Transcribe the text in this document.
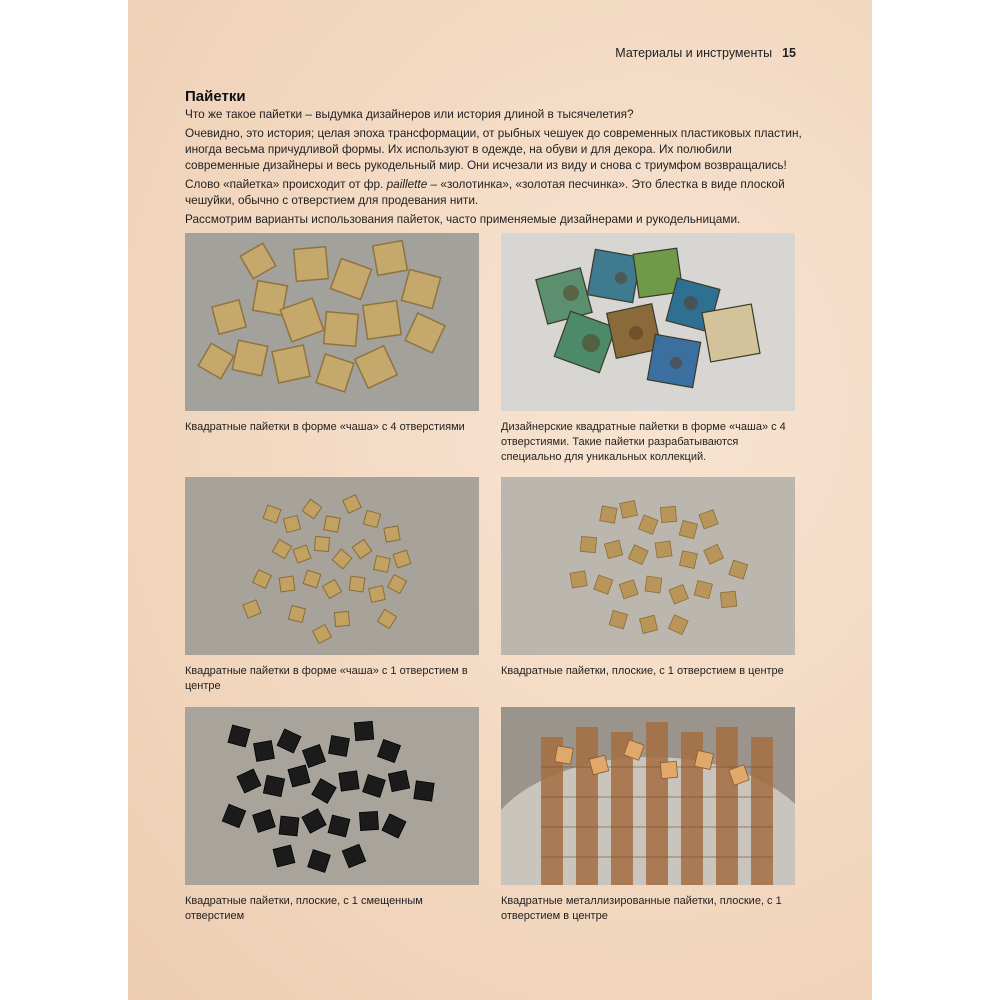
Материалы и инструменты 15
Пайетки

Что же такое пайетки – выдумка дизайнеров или история длиной в тысячелетия?

Очевидно, это история; целая эпоха трансформации, от рыбных чешуек до современных пластиковых пластин, иногда весьма причудливой формы. Их используют в одежде, на обуви и для декора. Их полюбили современные дизайнеры и весь рукодельный мир. Они исчезали из виду и снова с триумфом возвращались!

Слово «пайетка» происходит от фр. paillette – «золотинка», «золотая песчинка». Это блестка в виде плоской чешуйки, обычно с отверстием для продевания нити.

Рассмотрим варианты использования пайеток, часто применяемые дизайнерами и рукодельницами.

Квадратные пайетки в форме «чаша» с 4 отверстиями	Дизайнерские квадратные пайетки в форме «чаша» с 4 отверстиями. Такие пайетки разрабатываются специально для уникальных коллекций.
Квадратные пайетки в форме «чаша» с 1 отверстием в центре
Квадратные пайетки, плоские, с 1 отверстием в центре
Квадратные пайетки, плоские, с 1 смещенным отверстием
Квадратные металлизированные пайетки, плоские, с 1 отверстием в центре
